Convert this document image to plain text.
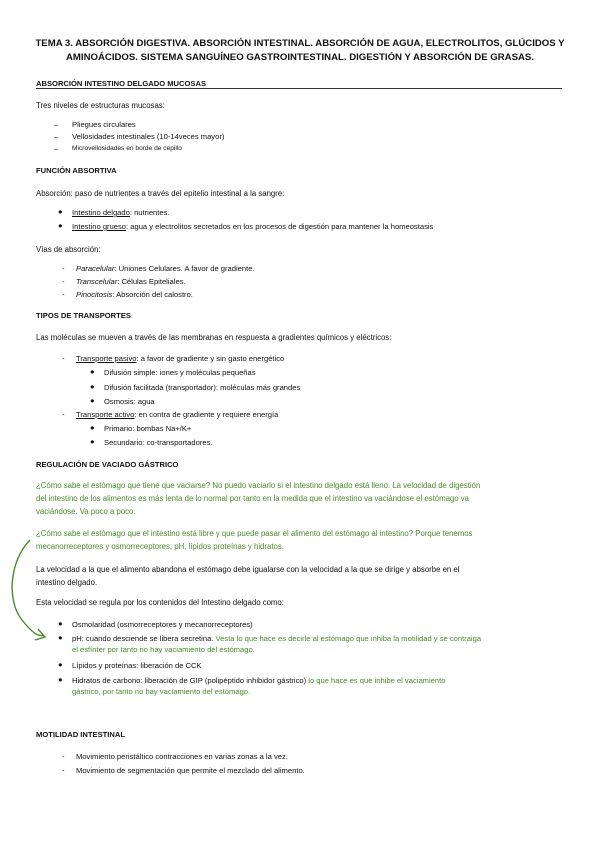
TEMA 3. ABSORCIÓN DIGESTIVA. ABSORCIÓN INTESTINAL. ABSORCIÓN DE AGUA, ELECTROLITOS, GLÚCIDOS Y
AMINOÁCIDOS. SISTEMA SANGUÍNEO GASTROINTESTINAL. DIGESTIÓN Y ABSORCIÓN DE GRASAS.
ABSORCIÓN INTESTINO DELGADO MUCOSAS
Tres niveles de estructuras mucosas:
– Pliegues circulares
– Vellosidades intestinales (10-14veces mayor)
– Microvellosidades en borde de cepillo
FUNCIÓN ABSORTIVA
Absorción: paso de nutrientes a través del epitelio intestinal a la sangre:
● Intestino delgado: nutrientes.
● Intestino grueso: agua y electrolitos secretados en los procesos de digestión para mantener la homeostasis
Vías de absorción:
- Paracelular: Uniones Celulares. A favor de gradiente.
- Transcelular: Células Epiteliales.
- Pinocitosis: Absorción del calostro.
TIPOS DE TRANSPORTES
Las moléculas se mueven a través de las membranas en respuesta a gradientes químicos y eléctricos:
- Transporte pasivo: a favor de gradiente y sin gasto energético
● Difusión simple: iones y moléculas pequeñas
● Difusión facilitada (transportador): moléculas más grandes
● Osmosis: agua
- Transporte activo: en contra de gradiente y requiere energía
● Primario: bombas Na+/K+
● Secundario: co-transportadores.
REGULACIÓN DE VACIADO GÁSTRICO
¿Cómo sabe el estómago que tiene que vaciarse? No puedo vaciarlo si el intestino delgado está lleno. La velocidad de digestión
del intestino de los alimentos es más lenta de lo normal por tanto en la medida que el intestino va vaciándose el estómago va
vaciándose. Va poco a poco.
¿Cómo sabe el estómago que el intestino está libre y que puede pasar el alimento del estómago al intestino? Porque tenemos
mecanorreceptores y osmorreceptores, pH, lípidos proteínas y hidratos.
La velocidad a la que el alimento abandona el estómago debe igualarse con la velocidad a la que se dirige y absorbe en el
intestino delgado.
Esta velocidad se regula por los contenidos del Intestino delgado como:
● Osmolaridad (osmorreceptores y mecanorreceptores)
● pH: cuando desciende se libera secretina. Vesta lo que hace es decirle al estómago que inhiba la motilidad y se contraiga
el esfínter por tanto no hay vaciamiento del estómago.
● Lípidos y proteínas: liberación de CCK
● Hidratos de carbono: liberación de GIP (polipéptido inhibidor gástrico) lo que hace es que inhibe el vaciamiento
gástrico, por tanto no hay vaciamiento del estómago.
MOTILIDAD INTESTINAL
- Movimiento peristáltico contracciones en varias zonas a la vez.
- Movimiento de segmentación que permite el mezclado del alimento.
